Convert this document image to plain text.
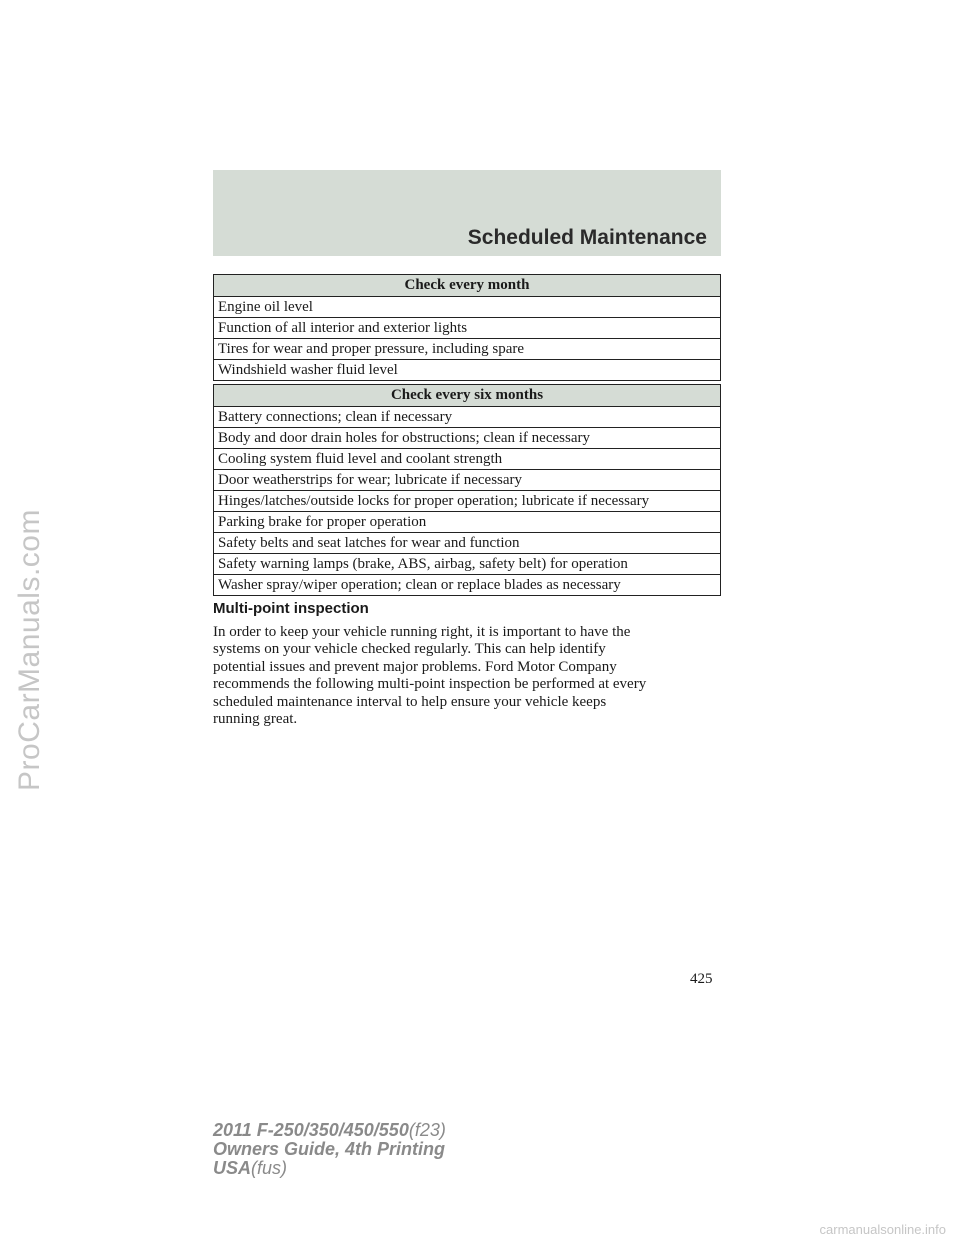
ProCarManuals.com
Scheduled Maintenance
Check every month
Engine oil level
Function of all interior and exterior lights
Tires for wear and proper pressure, including spare
Windshield washer fluid level
Check every six months
Battery connections; clean if necessary
Body and door drain holes for obstructions; clean if necessary
Cooling system fluid level and coolant strength
Door weatherstrips for wear; lubricate if necessary
Hinges/latches/outside locks for proper operation; lubricate if necessary
Parking brake for proper operation
Safety belts and seat latches for wear and function
Safety warning lamps (brake, ABS, airbag, safety belt) for operation
Washer spray/wiper operation; clean or replace blades as necessary
Multi-point inspection

In order to keep your vehicle running right, it is important to have the
systems on your vehicle checked regularly. This can help identify
potential issues and prevent major problems. Ford Motor Company
recommends the following multi-point inspection be performed at every
scheduled maintenance interval to help ensure your vehicle keeps
running great.

425
2011 F-250/350/450/550(f23)
Owners Guide, 4th Printing
USA(fus)
carmanualsonline.info
